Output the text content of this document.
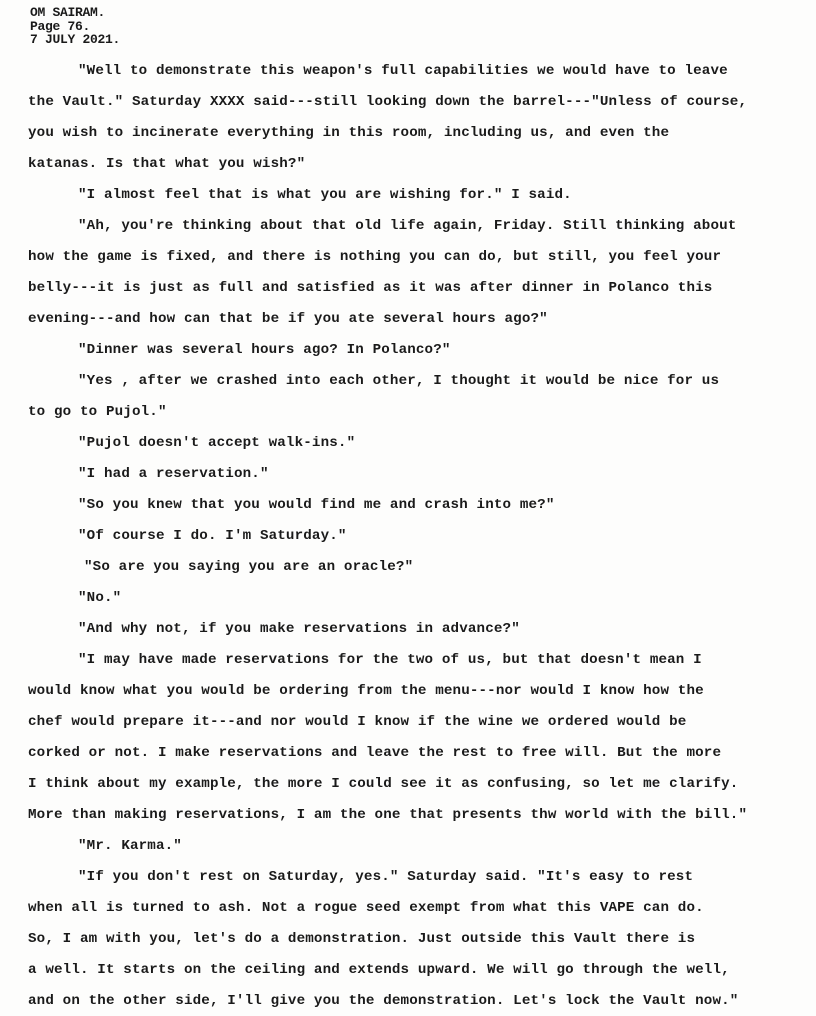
OM SAIRAM.
Page 76.
7 JULY 2021.
"Well to demonstrate this weapon's full capabilities we would have to leave
the Vault." Saturday XXXX said---still looking down the barrel---"Unless of course,
you wish to incinerate everything in this room, including us, and even the
katanas. Is that what you wish?"
"I almost feel that is what you are wishing for." I said.
"Ah, you're thinking about that old life again, Friday. Still thinking about
how the game is fixed, and there is nothing you can do, but still, you feel your
belly---it is just as full and satisfied as it was after dinner in Polanco this
evening---and how can that be if you ate several hours ago?"
"Dinner was several hours ago? In Polanco?"
"Yes , after we crashed into each other, I thought it would be nice for us
to go to Pujol."
"Pujol doesn't accept walk-ins."
"I had a reservation."
"So you knew that you would find me and crash into me?"
"Of course I do. I'm Saturday."
"So are you saying you are an oracle?"
"No."
"And why not, if you make reservations in advance?"
"I may have made reservations for the two of us, but that doesn't mean I
would know what you would be ordering from the menu---nor would I know how the
chef would prepare it---and nor would I know if the wine we ordered would be
corked or not. I make reservations and leave the rest to free will. But the more
I think about my example, the more I could see it as confusing, so let me clarify.
More than making reservations, I am the one that presents thw world with the bill."
"Mr. Karma."
"If you don't rest on Saturday, yes." Saturday said. "It's easy to rest
when all is turned to ash. Not a rogue seed exempt from what this VAPE can do.
So, I am with you, let's do a demonstration. Just outside this Vault there is
a well. It starts on the ceiling and extends upward. We will go through the well,
and on the other side, I'll give you the demonstration. Let's lock the Vault now."
